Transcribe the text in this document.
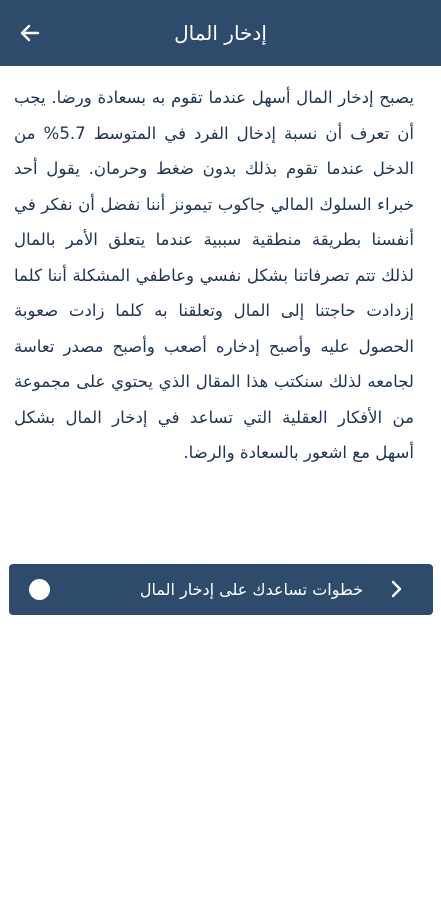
إدخار المال
يصبح إدخار المال أسهل عندما تقوم به بسعادة ورضا. يجب أن تعرف أن نسبة إدخال الفرد في المتوسط 5.7% من الدخل عندما تقوم بذلك بدون ضغط وحرمان. يقول أحد خبراء السلوك المالي جاكوب تيمونز أننا نفضل أن نفكر في أنفسنا بطريقة منطقية سببية عندما يتعلق الأمر بالمال لذلك تتم تصرفاتنا بشكل نفسي وعاطفي المشكلة أننا كلما إزدادت حاجتنا إلى المال وتعلقنا به كلما زادت صعوبة الحصول عليه وأصبح إدخاره أصعب وأصبح مصدر تعاسة لجامعه لذلك سنكتب هذا المقال الذي يحتوي على مجموعة من الأفكار العقلية التي تساعد في إدخار المال بشكل أسهل مع اشعور بالسعادة والرضا.
خطوات تساعدك على إدخار المال
